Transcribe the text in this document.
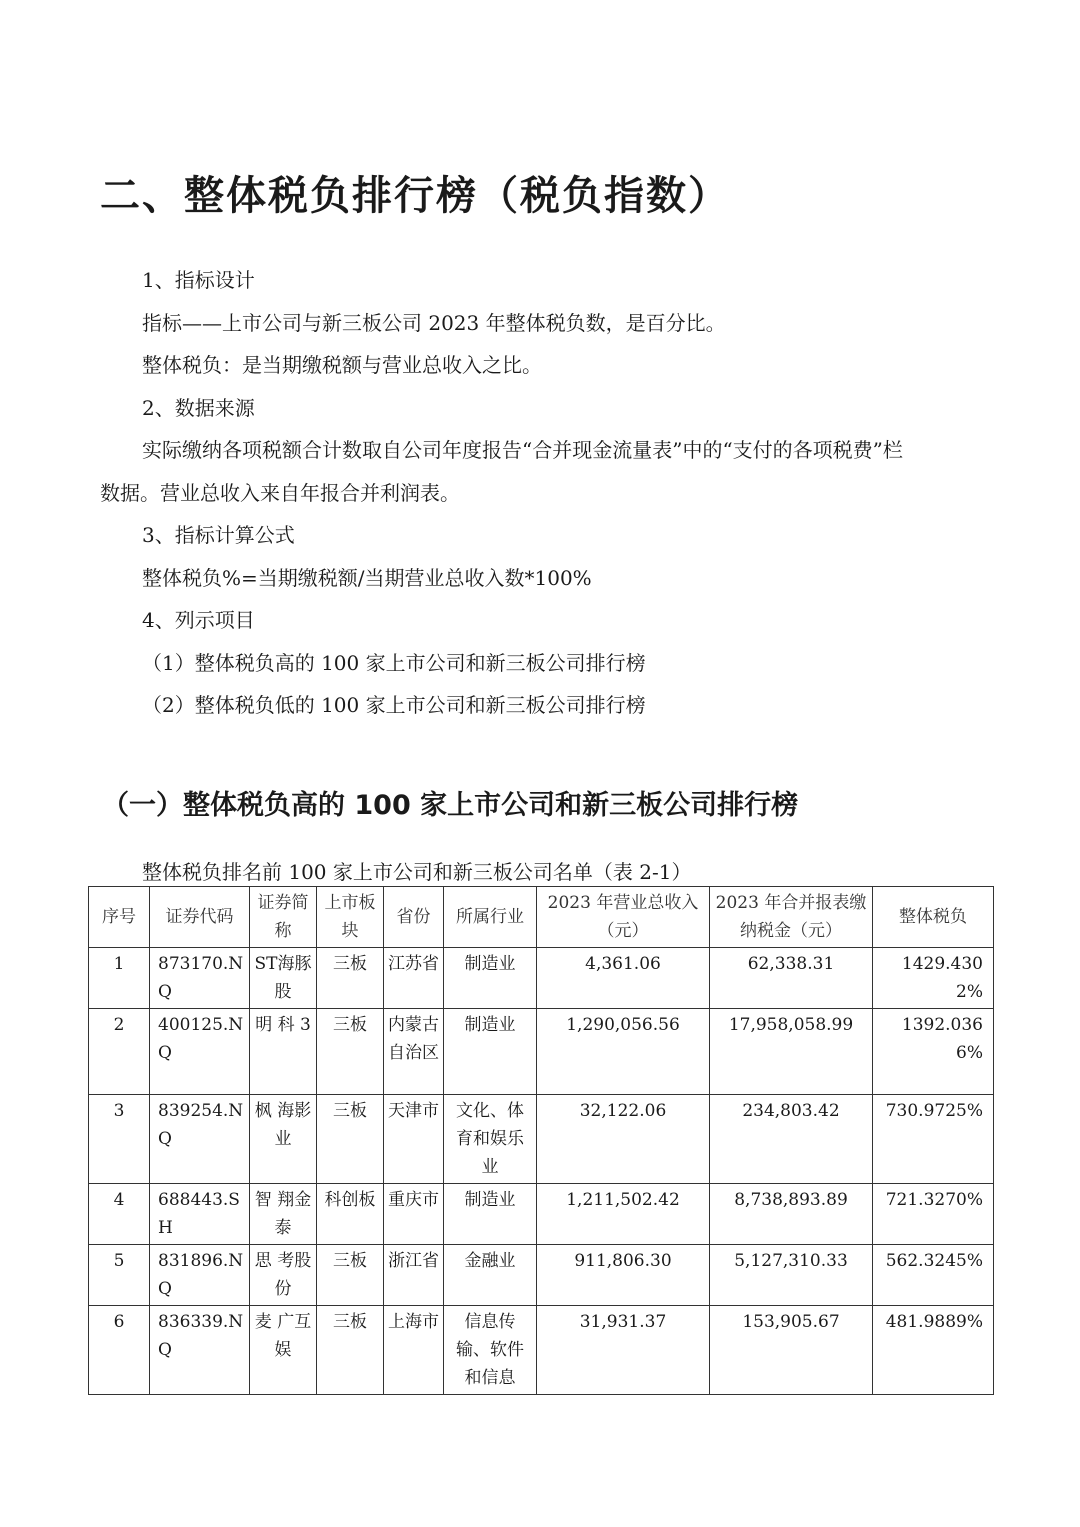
二、整体税负排行榜（税负指数）

1、指标设计

指标——上市公司与新三板公司 2023 年整体税负数，是百分比。

整体税负：是当期缴税额与营业总收入之比。

2、数据来源

实际缴纳各项税额合计数取自公司年度报告“合并现金流量表”中的“支付的各项税费”栏

数据。营业总收入来自年报合并利润表。

3、指标计算公式

整体税负%=当期缴税额/当期营业总收入数*100%

4、列示项目

（1）整体税负高的 100 家上市公司和新三板公司排行榜

（2）整体税负低的 100 家上市公司和新三板公司排行榜

（一）整体税负高的 100 家上市公司和新三板公司排行榜

整体税负排名前 100 家上市公司和新三板公司名单（表 2-1）

序号	证券代码	证券简称	上市板块	省份	所属行业	2023 年营业总收入（元）	2023 年合并报表缴纳税金（元）	整体税负
1	873170.NQ	ST海豚股	三板	江苏省	制造业	4,361.06	62,338.31	1429.4302%
2	400125.NQ	明 科 3	三板	内蒙古自治区	制造业	1,290,056.56	17,958,058.99	1392.0366%
3	839254.NQ	枫 海影业	三板	天津市	文化、体育和娱乐业	32,122.06	234,803.42	730.9725%
4	688443.SH	智 翔金泰	科创板	重庆市	制造业	1,211,502.42	8,738,893.89	721.3270%
5	831896.NQ	思 考股份	三板	浙江省	金融业	911,806.30	5,127,310.33	562.3245%
6	836339.NQ	麦 广互娱	三板	上海市	信息传输、软件和信息	31,931.37	153,905.67	481.9889%
